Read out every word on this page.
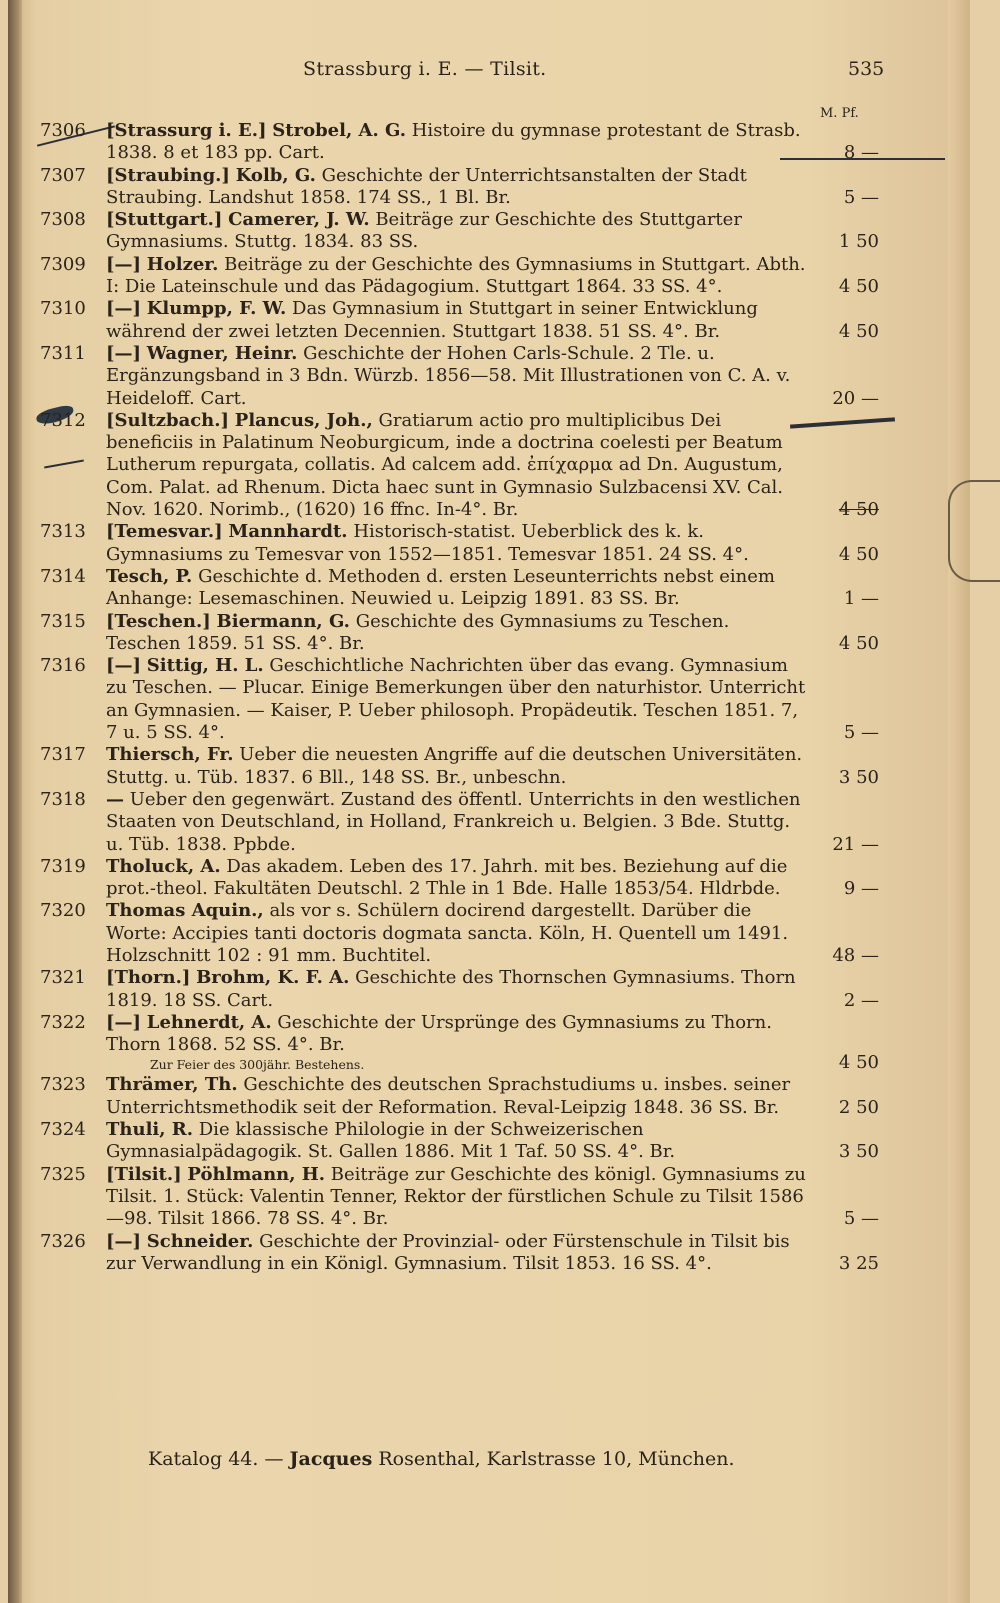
Strassburg i. E. — Tilsit.	535
M. Pf.
7306	[Strassurg i. E.] Strobel, A. G. Histoire du gymnase protestant de Strasb. 1838. 8 et 183 pp. Cart.	8 —
7307	[Straubing.] Kolb, G. Geschichte der Unterrichtsanstalten der Stadt Straubing. Landshut 1858. 174 SS., 1 Bl. Br.	5 —
7308	[Stuttgart.] Camerer, J. W. Beiträge zur Geschichte des Stuttgarter Gymnasiums. Stuttg. 1834. 83 SS.	1 50
7309	[—] Holzer. Beiträge zu der Geschichte des Gymnasiums in Stuttgart. Abth. I: Die Lateinschule und das Pädagogium. Stuttgart 1864. 33 SS. 4°.	4 50
7310	[—] Klumpp, F. W. Das Gymnasium in Stuttgart in seiner Entwicklung während der zwei letzten Decennien. Stuttgart 1838. 51 SS. 4°. Br.	4 50
7311	[—] Wagner, Heinr. Geschichte der Hohen Carls-Schule. 2 Tle. u. Ergänzungsband in 3 Bdn. Würzb. 1856—58. Mit Illustrationen von C. A. v. Heideloff. Cart.	20 —
7312	[Sultzbach.] Plancus, Joh., Gratiarum actio pro multiplicibus Dei beneficiis in Palatinum Neoburgicum, inde a doctrina coelesti per Beatum Lutherum repurgata, collatis. Ad calcem add. ἐπίχαρμα ad Dn. Augustum, Com. Palat. ad Rhenum. Dicta haec sunt in Gymnasio Sulzbacensi XV. Cal. Nov. 1620. Norimb., (1620) 16 ffnc. In-4°. Br.	4 50
7313	[Temesvar.] Mannhardt. Historisch-statist. Ueberblick des k. k. Gymnasiums zu Temesvar von 1552—1851. Temesvar 1851. 24 SS. 4°.	4 50
7314	Tesch, P. Geschichte d. Methoden d. ersten Leseunterrichts nebst einem Anhange: Lesemaschinen. Neuwied u. Leipzig 1891. 83 SS. Br.	1 —
7315	[Teschen.] Biermann, G. Geschichte des Gymnasiums zu Teschen. Teschen 1859. 51 SS. 4°. Br.	4 50
7316	[—] Sittig, H. L. Geschichtliche Nachrichten über das evang. Gymnasium zu Teschen. — Plucar. Einige Bemerkungen über den naturhistor. Unterricht an Gymnasien. — Kaiser, P. Ueber philosoph. Propädeutik. Teschen 1851. 7, 7 u. 5 SS. 4°.	5 —
7317	Thiersch, Fr. Ueber die neuesten Angriffe auf die deutschen Universitäten. Stuttg. u. Tüb. 1837. 6 Bll., 148 SS. Br., unbeschn.	3 50
7318	— Ueber den gegenwärt. Zustand des öffentl. Unterrichts in den westlichen Staaten von Deutschland, in Holland, Frankreich u. Belgien. 3 Bde. Stuttg. u. Tüb. 1838. Ppbde.	21 —
7319	Tholuck, A. Das akadem. Leben des 17. Jahrh. mit bes. Beziehung auf die prot.-theol. Fakultäten Deutschl. 2 Thle in 1 Bde. Halle 1853/54. Hldrbde.	9 —
7320	Thomas Aquin., als vor s. Schülern docirend dargestellt. Darüber die Worte: Accipies tanti doctoris dogmata sancta. Köln, H. Quentell um 1491. Holzschnitt 102 : 91 mm. Buchtitel.	48 —
7321	[Thorn.] Brohm, K. F. A. Geschichte des Thornschen Gymnasiums. Thorn 1819. 18 SS. Cart.	2 —
7322	[—] Lehnerdt, A. Geschichte der Ursprünge des Gymnasiums zu Thorn. Thorn 1868. 52 SS. 4°. Br.
Zur Feier des 300jähr. Bestehens.	4 50
7323	Thrämer, Th. Geschichte des deutschen Sprachstudiums u. insbes. seiner Unterrichtsmethodik seit der Reformation. Reval-Leipzig 1848. 36 SS. Br.	2 50
7324	Thuli, R. Die klassische Philologie in der Schweizerischen Gymnasialpädagogik. St. Gallen 1886. Mit 1 Taf. 50 SS. 4°. Br.	3 50
7325	[Tilsit.] Pöhlmann, H. Beiträge zur Geschichte des königl. Gymnasiums zu Tilsit. 1. Stück: Valentin Tenner, Rektor der fürstlichen Schule zu Tilsit 1586—98. Tilsit 1866. 78 SS. 4°. Br.	5 —
7326	[—] Schneider. Geschichte der Provinzial- oder Fürstenschule in Tilsit bis zur Verwandlung in ein Königl. Gymnasium. Tilsit 1853. 16 SS. 4°.	3 25
Katalog 44. — Jacques Rosenthal, Karlstrasse 10, München.
